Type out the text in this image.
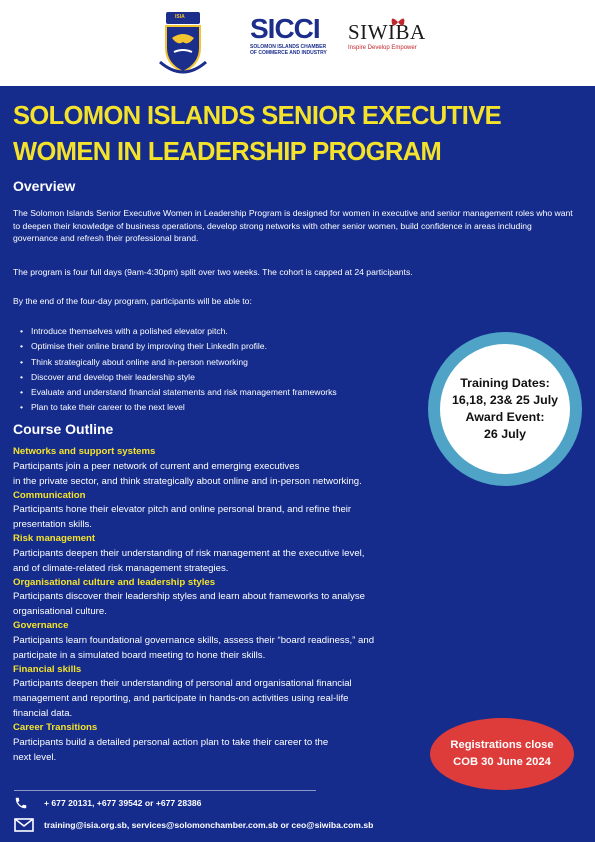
ISIA SICCI
SOLOMON ISLANDS CHAMBER OF COMMERCE AND INDUSTRY
SIWIBA
Inspire Develop Empower
SOLOMON ISLANDS SENIOR EXECUTIVE
WOMEN IN LEADERSHIP PROGRAM
Overview
The Solomon Islands Senior Executive Women in Leadership Program is designed for women in executive and senior management roles who want to deepen their knowledge of business operations, develop strong networks with other senior women, build confidence in areas including governance and refresh their professional brand.
The program is four full days (9am-4:30pm) split over two weeks. The cohort is capped at 24 participants.
By the end of the four-day program, participants will be able to:
• Introduce themselves with a polished elevator pitch.
• Optimise their online brand by improving their LinkedIn profile.
• Think strategically about online and in-person networking
• Discover and develop their leadership style
• Evaluate and understand financial statements and risk management frameworks
• Plan to take their career to the next level
Course Outline
Networks and support systems
Participants join a peer network of current and emerging executives
in the private sector, and think strategically about online and in-person networking.
Communication
Participants hone their elevator pitch and online personal brand, and refine their
presentation skills.
Risk management
Participants deepen their understanding of risk management at the executive level,
and of climate-related risk management strategies.
Organisational culture and leadership styles
Participants discover their leadership styles and learn about frameworks to analyse
organisational culture.
Governance
Participants learn foundational governance skills, assess their “board readiness,” and
participate in a simulated board meeting to hone their skills.
Financial skills
Participants deepen their understanding of personal and organisational financial
management and reporting, and participate in hands-on activities using real-life
financial data.
Career Transitions
Participants build a detailed personal action plan to take their career to the
next level.
Training Dates:
16,18, 23& 25 July
Award Event:
26 July
Registrations close
COB 30 June 2024
+ 677 20131, +677 39542 or +677 28386
training@isia.org.sb, services@solomonchamber.com.sb or ceo@siwiba.com.sb
